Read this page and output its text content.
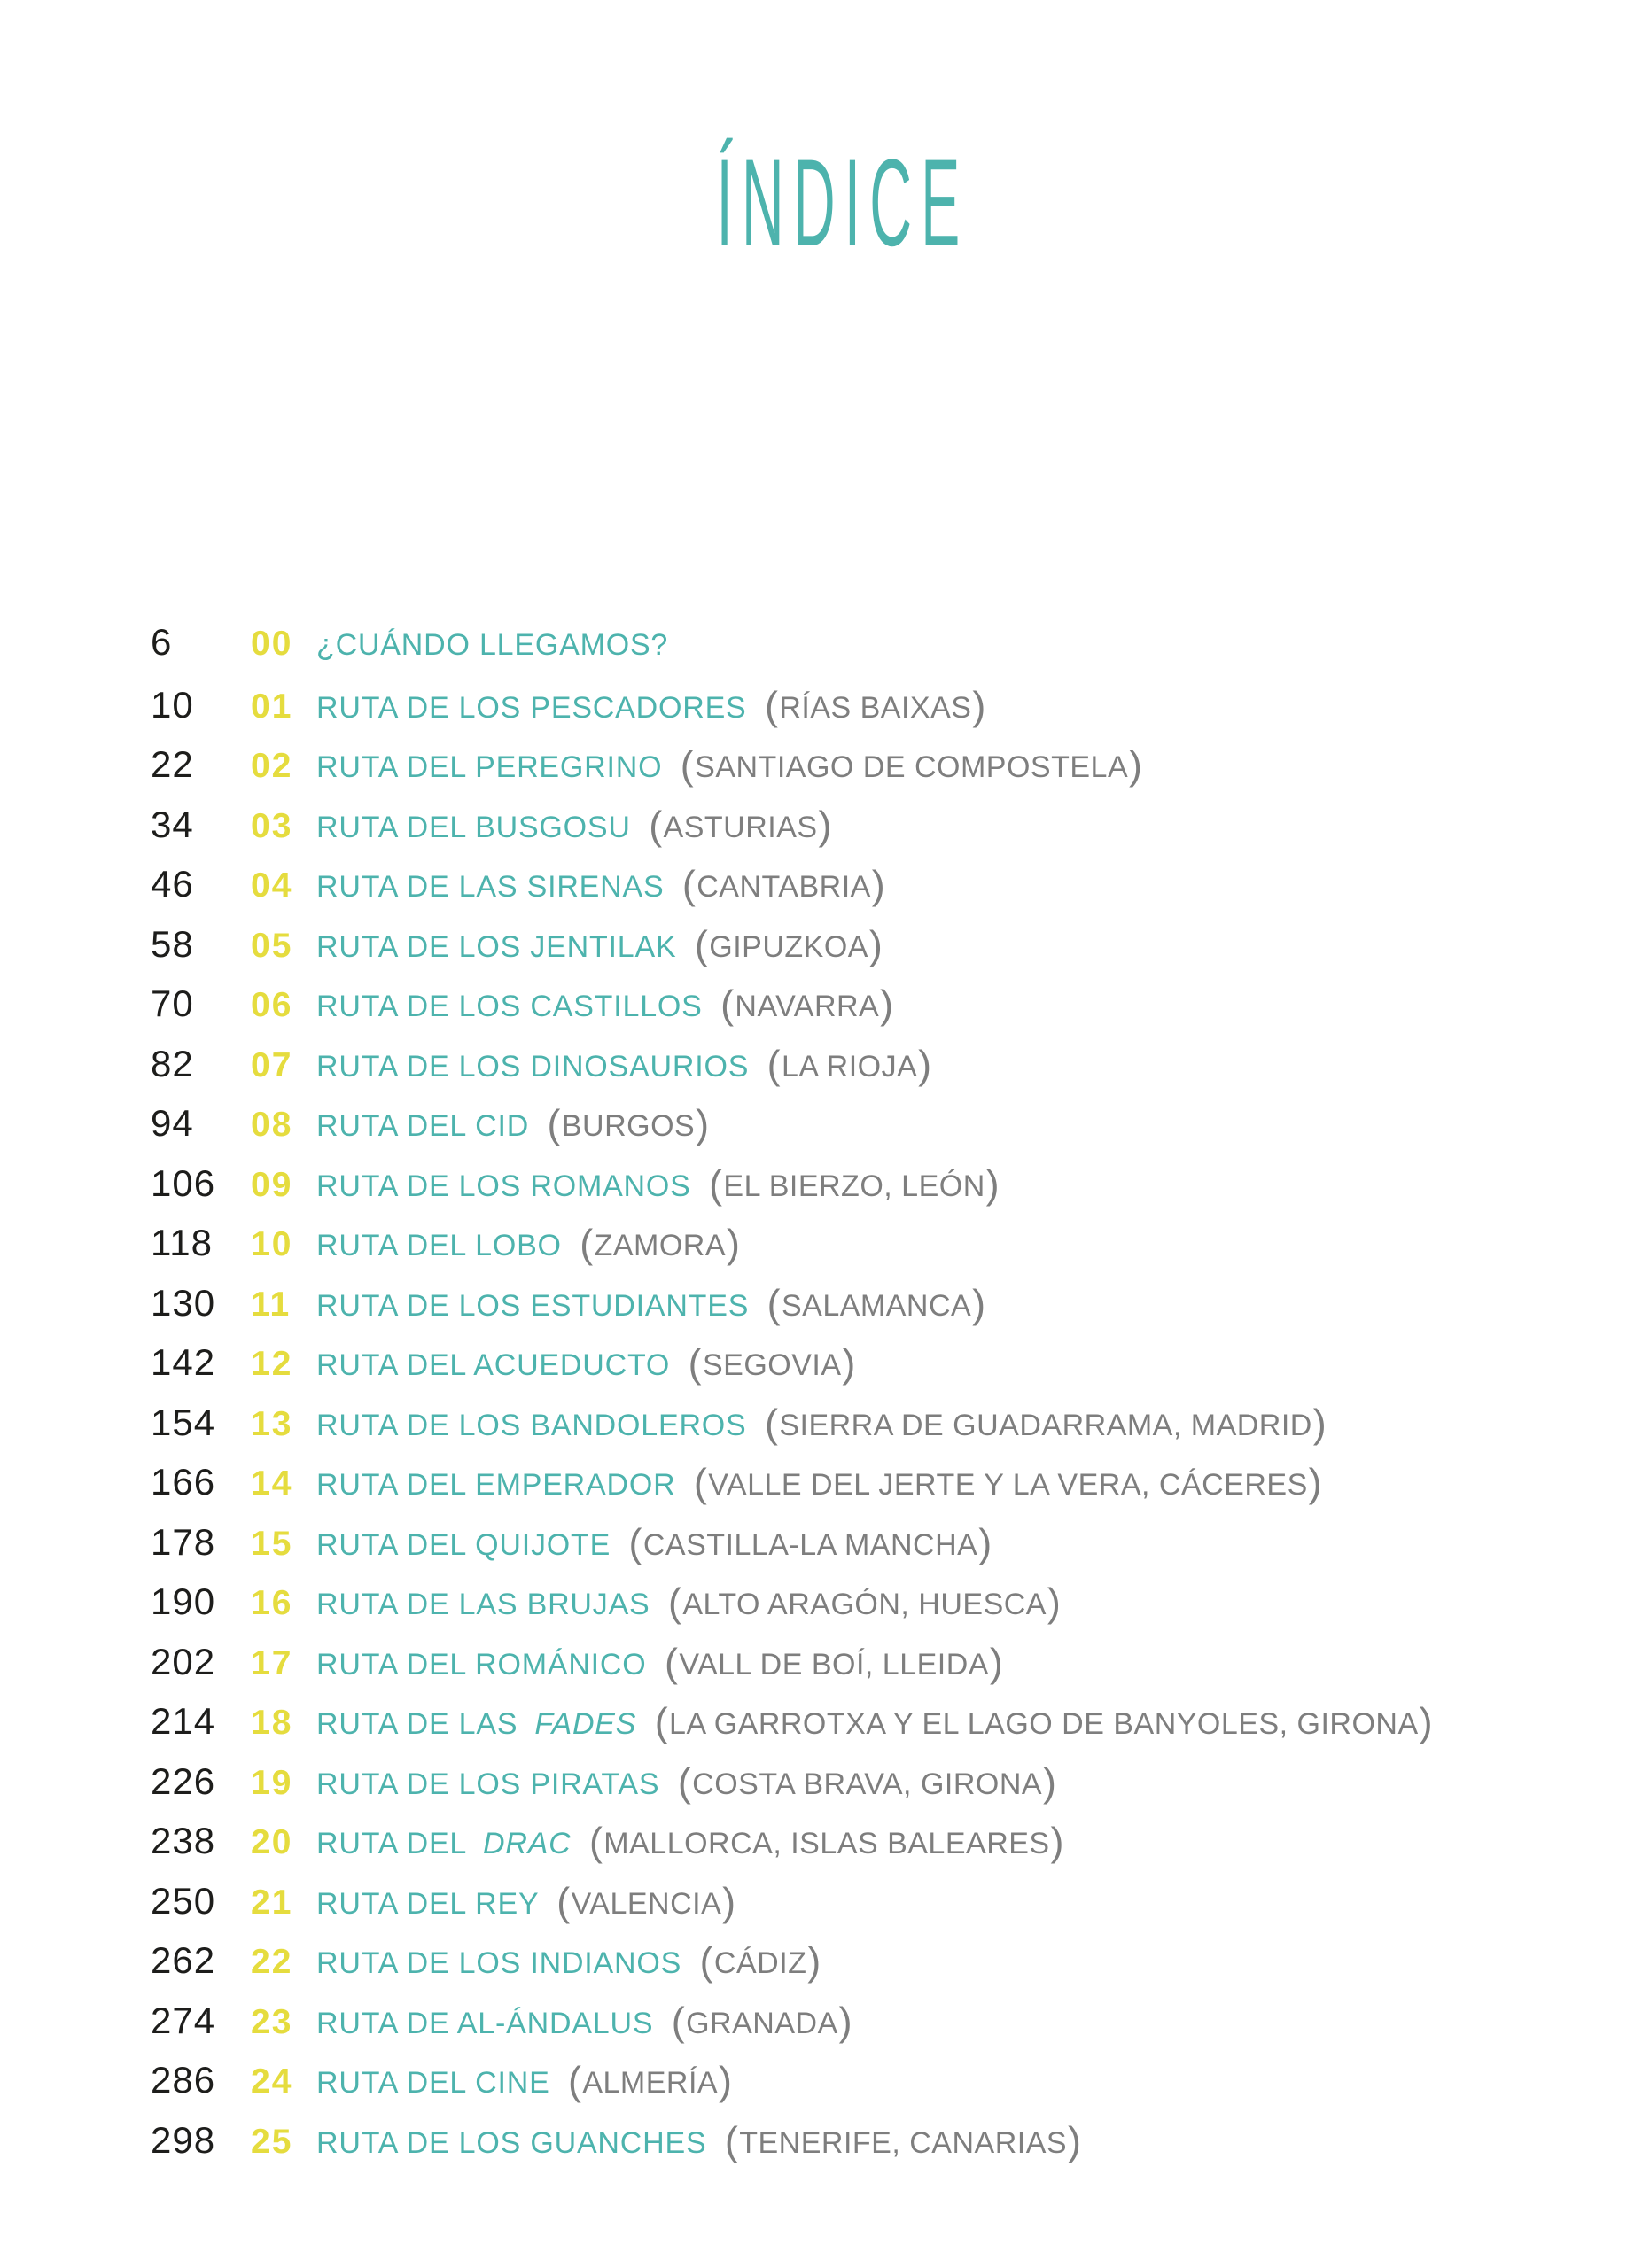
ÍNDICE
6	00 ¿CUÁNDO LLEGAMOS?
10	01 RUTA DE LOS PESCADORES ( RÍAS BAIXAS )
22	02 RUTA DEL PEREGRINO ( SANTIAGO DE COMPOSTELA )
34	03 RUTA DEL BUSGOSU ( ASTURIAS )
46	04 RUTA DE LAS SIRENAS ( CANTABRIA )
58	05 RUTA DE LOS JENTILAK ( GIPUZKOA )
70	06 RUTA DE LOS CASTILLOS ( NAVARRA )
82	07 RUTA DE LOS DINOSAURIOS ( LA RIOJA )
94	08 RUTA DEL CID ( BURGOS )
106	09 RUTA DE LOS ROMANOS ( EL BIERZO, LEÓN )
118	10 RUTA DEL LOBO ( ZAMORA )
130	11 RUTA DE LOS ESTUDIANTES ( SALAMANCA )
142	12 RUTA DEL ACUEDUCTO ( SEGOVIA )
154	13 RUTA DE LOS BANDOLEROS ( SIERRA DE GUADARRAMA, MADRID )
166	14 RUTA DEL EMPERADOR ( VALLE DEL JERTE Y LA VERA, CÁCERES )
178	15 RUTA DEL QUIJOTE ( CASTILLA-LA MANCHA )
190	16 RUTA DE LAS BRUJAS ( ALTO ARAGÓN, HUESCA )
202	17 RUTA DEL ROMÁNICO ( VALL DE BOÍ, LLEIDA )
214	18 RUTA DE LAS FADES ( LA GARROTXA Y EL LAGO DE BANYOLES, GIRONA )
226	19 RUTA DE LOS PIRATAS ( COSTA BRAVA, GIRONA )
238	20 RUTA DEL DRAC ( MALLORCA, ISLAS BALEARES )
250	21 RUTA DEL REY ( VALENCIA )
262	22 RUTA DE LOS INDIANOS ( CÁDIZ )
274	23 RUTA DE AL-ÁNDALUS ( GRANADA )
286	24 RUTA DEL CINE ( ALMERÍA )
298	25 RUTA DE LOS GUANCHES ( TENERIFE, CANARIAS )
